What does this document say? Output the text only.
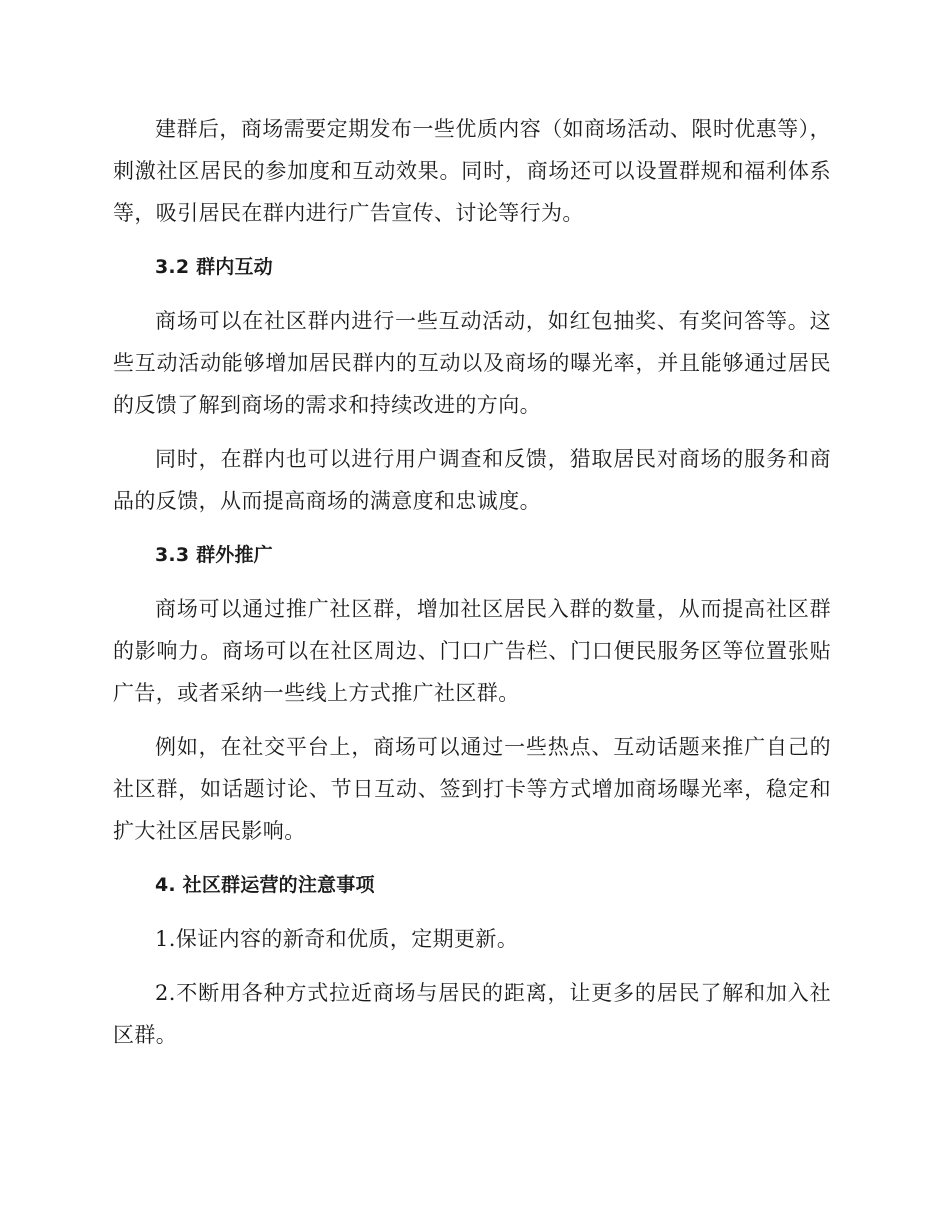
建群后，商场需要定期发布一些优质内容（如商场活动、限时优惠等），刺激社区居民的参加度和互动效果。同时，商场还可以设置群规和福利体系等，吸引居民在群内进行广告宣传、讨论等行为。

3.2 群内互动

商场可以在社区群内进行一些互动活动，如红包抽奖、有奖问答等。这些互动活动能够增加居民群内的互动以及商场的曝光率，并且能够通过居民的反馈了解到商场的需求和持续改进的方向。

同时，在群内也可以进行用户调查和反馈，猎取居民对商场的服务和商品的反馈，从而提高商场的满意度和忠诚度。

3.3 群外推广

商场可以通过推广社区群，增加社区居民入群的数量，从而提高社区群的影响力。商场可以在社区周边、门口广告栏、门口便民服务区等位置张贴广告，或者采纳一些线上方式推广社区群。

例如，在社交平台上，商场可以通过一些热点、互动话题来推广自己的社区群，如话题讨论、节日互动、签到打卡等方式增加商场曝光率，稳定和扩大社区居民影响。

4. 社区群运营的注意事项

1.保证内容的新奇和优质，定期更新。

2.不断用各种方式拉近商场与居民的距离，让更多的居民了解和加入社区群。
